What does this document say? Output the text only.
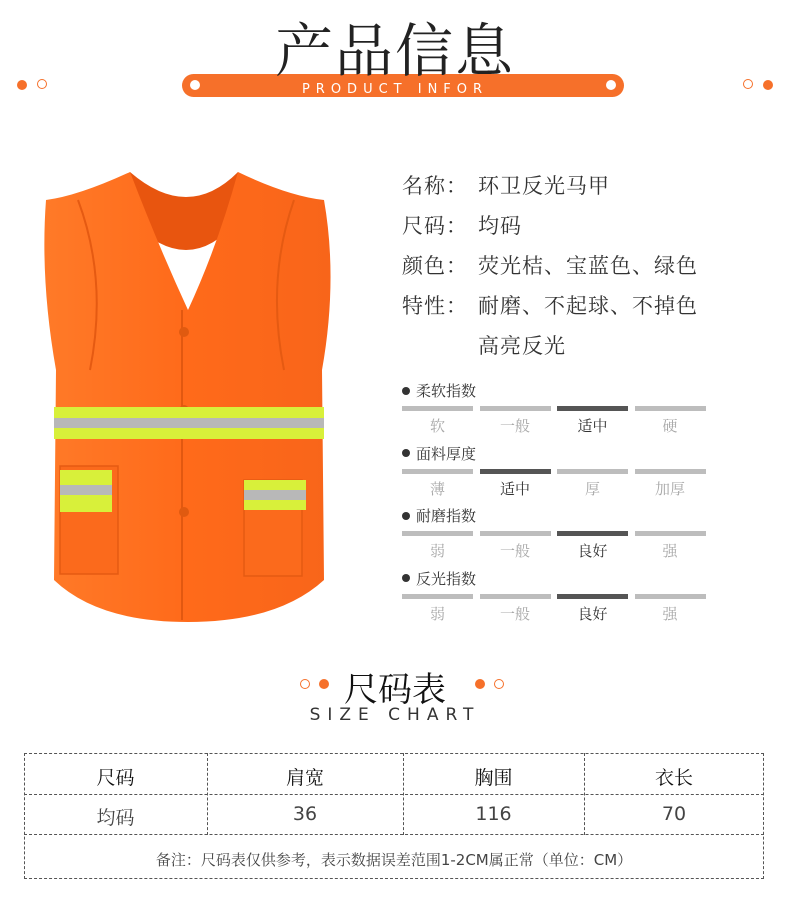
产品信息
PRODUCT INFOR
名称： 环卫反光马甲
尺码： 均码
颜色： 荧光桔、宝蓝色、绿色
特性： 耐磨、不起球、不掉色
高亮反光
柔软指数
软	一般	适中	硬
面料厚度
薄	适中	厚	加厚
耐磨指数
弱	一般	良好	强
反光指数
弱	一般	良好	强
尺码表
SIZE CHART
尺码	肩宽	胸围	衣长
均码	36	116	70
备注：尺码表仅供参考，表示数据误差范围1-2CM属正常（单位：CM）
